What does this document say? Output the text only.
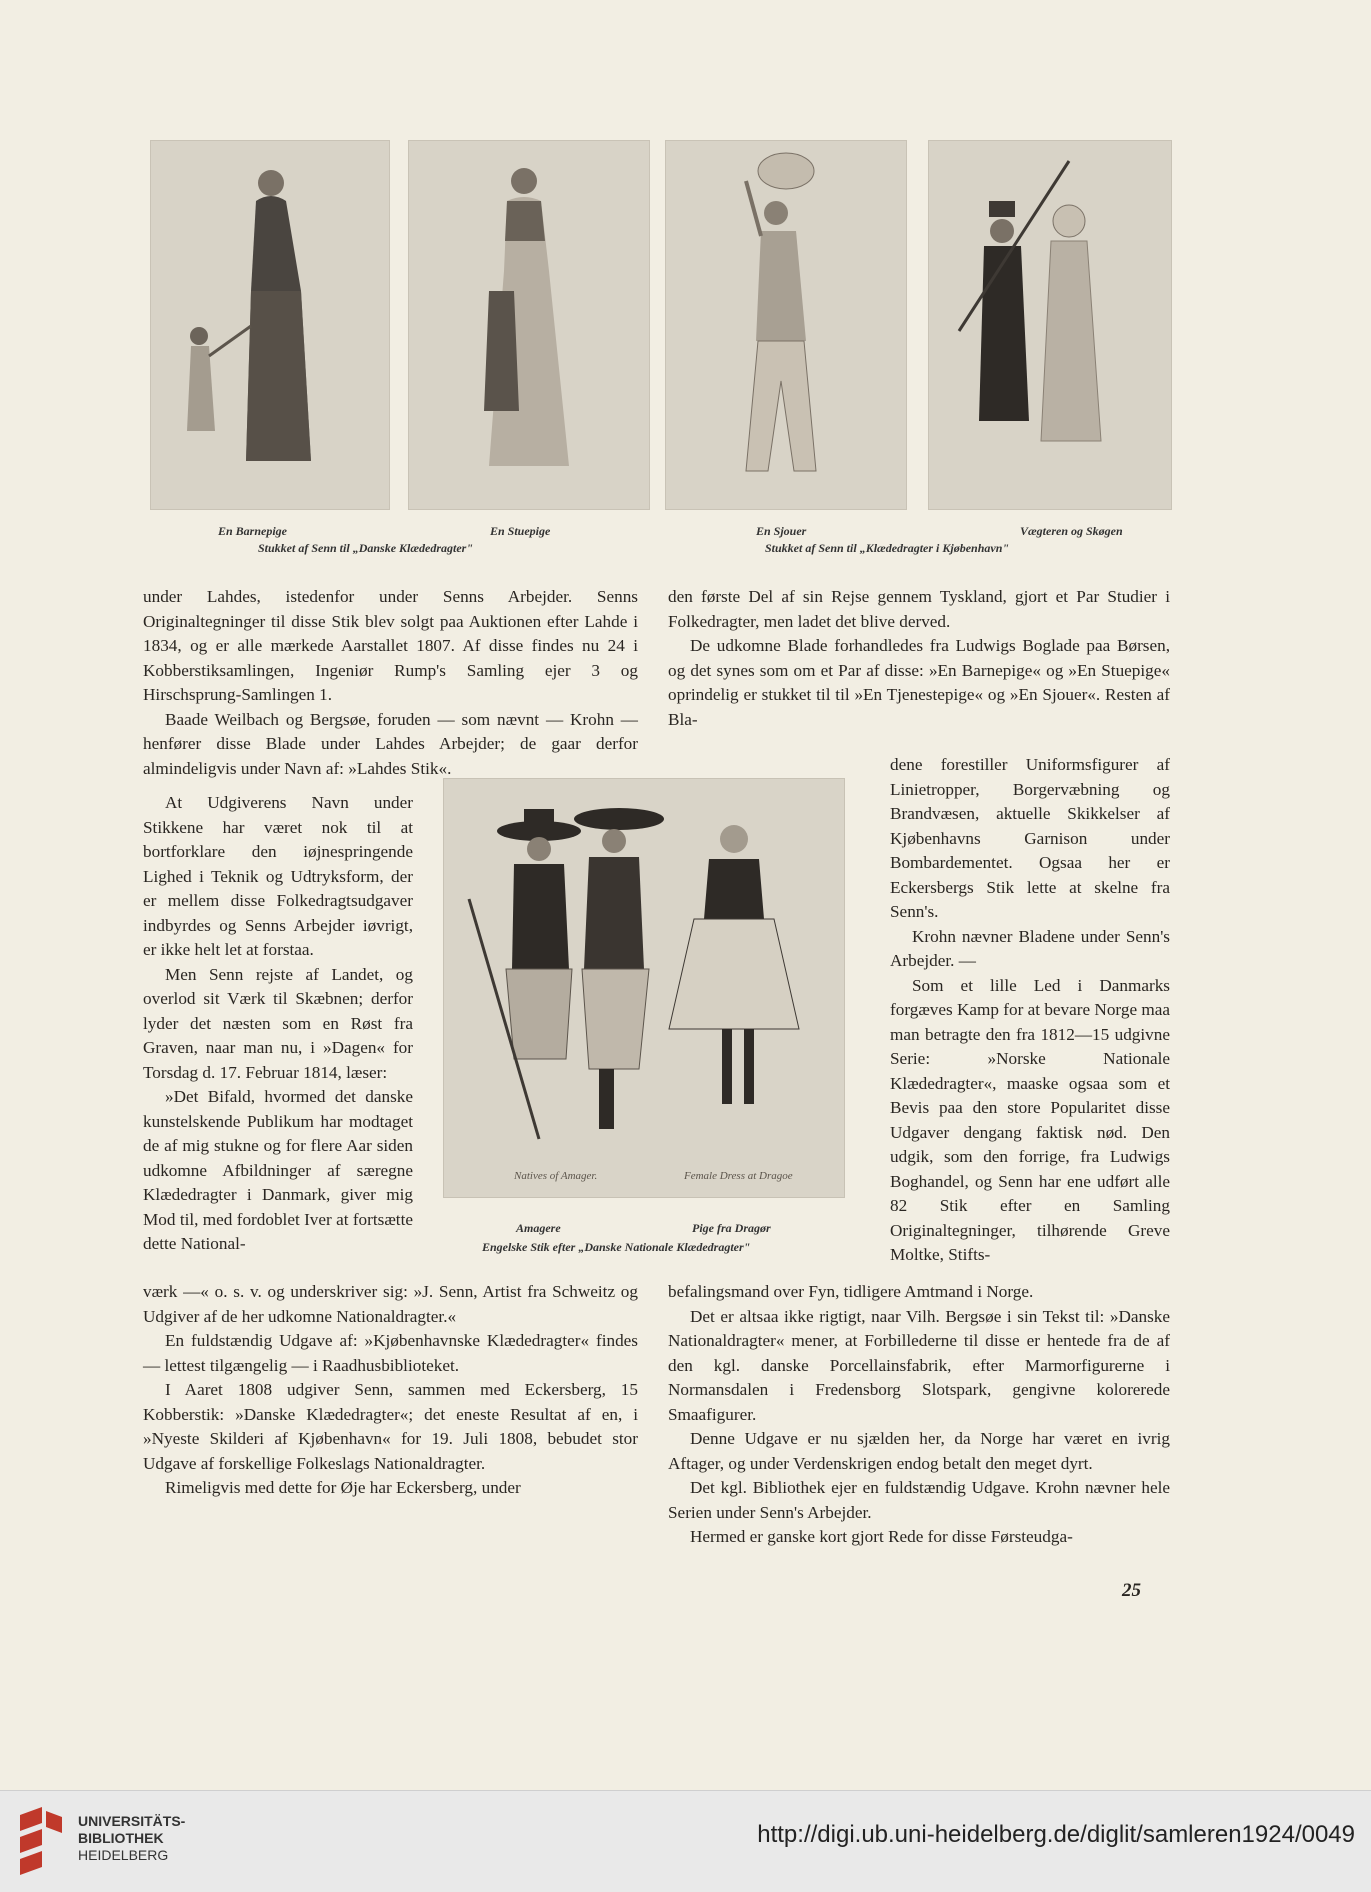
En Barnepige	En Stuepige	En Sjouer	Vægteren og Skøgen
Stukket af Senn til „Danske Klædedragter"	Stukket af Senn til „Klædedragter i Kjøbenhavn"

under Lahdes, istedenfor under Senns Arbejder. Senns Originaltegninger til disse Stik blev solgt paa Auktionen efter Lahde i 1834, og er alle mærkede Aarstallet 1807. Af disse findes nu 24 i Kobberstiksamlingen, Ingeniør Rump's Samling ejer 3 og Hirschsprung-Samlingen 1.

Baade Weilbach og Bergsøe, foruden — som nævnt — Krohn — henfører disse Blade under Lahdes Arbejder; de gaar derfor almindeligvis under Navn af: »Lahdes Stik«.

At Udgiverens Navn under Stikkene har været nok til at bortforklare den iøjnespringende Lighed i Teknik og Udtryksform, der er mellem disse Folkedragtsudgaver indbyrdes og Senns Arbejder iøvrigt, er ikke helt let at forstaa.

Men Senn rejste af Landet, og overlod sit Værk til Skæbnen; derfor lyder det næsten som en Røst fra Graven, naar man nu, i »Dagen« for Torsdag d. 17. Februar 1814, læser:

»Det Bifald, hvormed det danske kunstelskende Publikum har modtaget de af mig stukne og for flere Aar siden udkomne Afbildninger af særegne Klædedragter i Danmark, giver mig Mod til, med fordoblet Iver at fortsætte dette National-

værk —« o. s. v. og underskriver sig: »J. Senn, Artist fra Schweitz og Udgiver af de her udkomne Nationaldragter.«

En fuldstændig Udgave af: »Kjøbenhavnske Klædedragter« findes — lettest tilgængelig — i Raadhusbiblioteket.

I Aaret 1808 udgiver Senn, sammen med Eckersberg, 15 Kobberstik: »Danske Klædedragter«; det eneste Resultat af en, i »Nyeste Skilderi af Kjøbenhavn« for 19. Juli 1808, bebudet stor Udgave af forskellige Folkeslags Nationaldragter.

Rimeligvis med dette for Øje har Eckersberg, under

Natives of Amager.	Female Dress at Dragoe
Amagere	Pige fra Dragør
Engelske Stik efter „Danske Nationale Klædedragter"

den første Del af sin Rejse gennem Tyskland, gjort et Par Studier i Folkedragter, men ladet det blive derved.

De udkomne Blade forhandledes fra Ludwigs Boglade paa Børsen, og det synes som om et Par af disse: »En Barnepige« og »En Stuepige« oprindelig er stukket til til »En Tjenestepige« og »En Sjouer«. Resten af Bla-

dene forestiller Uniformsfigurer af Linietropper, Borgervæbning og Brandvæsen, aktuelle Skikkelser af Kjøbenhavns Garnison under Bombardementet. Ogsaa her er Eckersbergs Stik lette at skelne fra Senn's.

Krohn nævner Bladene under Senn's Arbejder. —

Som et lille Led i Danmarks forgæves Kamp for at bevare Norge maa man betragte den fra 1812—15 udgivne Serie: »Norske Nationale Klædedragter«, maaske ogsaa som et Bevis paa den store Popularitet disse Udgaver dengang faktisk nød. Den udgik, som den forrige, fra Ludwigs Boghandel, og Senn har ene udført alle 82 Stik efter en Samling Originaltegninger, tilhørende Greve Moltke, Stifts-

befalingsmand over Fyn, tidligere Amtmand i Norge.

Det er altsaa ikke rigtigt, naar Vilh. Bergsøe i sin Tekst til: »Danske Nationaldragter« mener, at Forbillederne til disse er hentede fra de af den kgl. danske Porcellainsfabrik, efter Marmorfigurerne i Normansdalen i Fredensborg Slotspark, gengivne kolorerede Smaafigurer.

Denne Udgave er nu sjælden her, da Norge har været en ivrig Aftager, og under Verdenskrigen endog betalt den meget dyrt.

Det kgl. Bibliothek ejer en fuldstændig Udgave. Krohn nævner hele Serien under Senn's Arbejder.

Hermed er ganske kort gjort Rede for disse Førsteudga-

25
UNIVERSITÄTS-
BIBLIOTHEK
HEIDELBERG
http://digi.ub.uni-heidelberg.de/diglit/samleren1924/0049
